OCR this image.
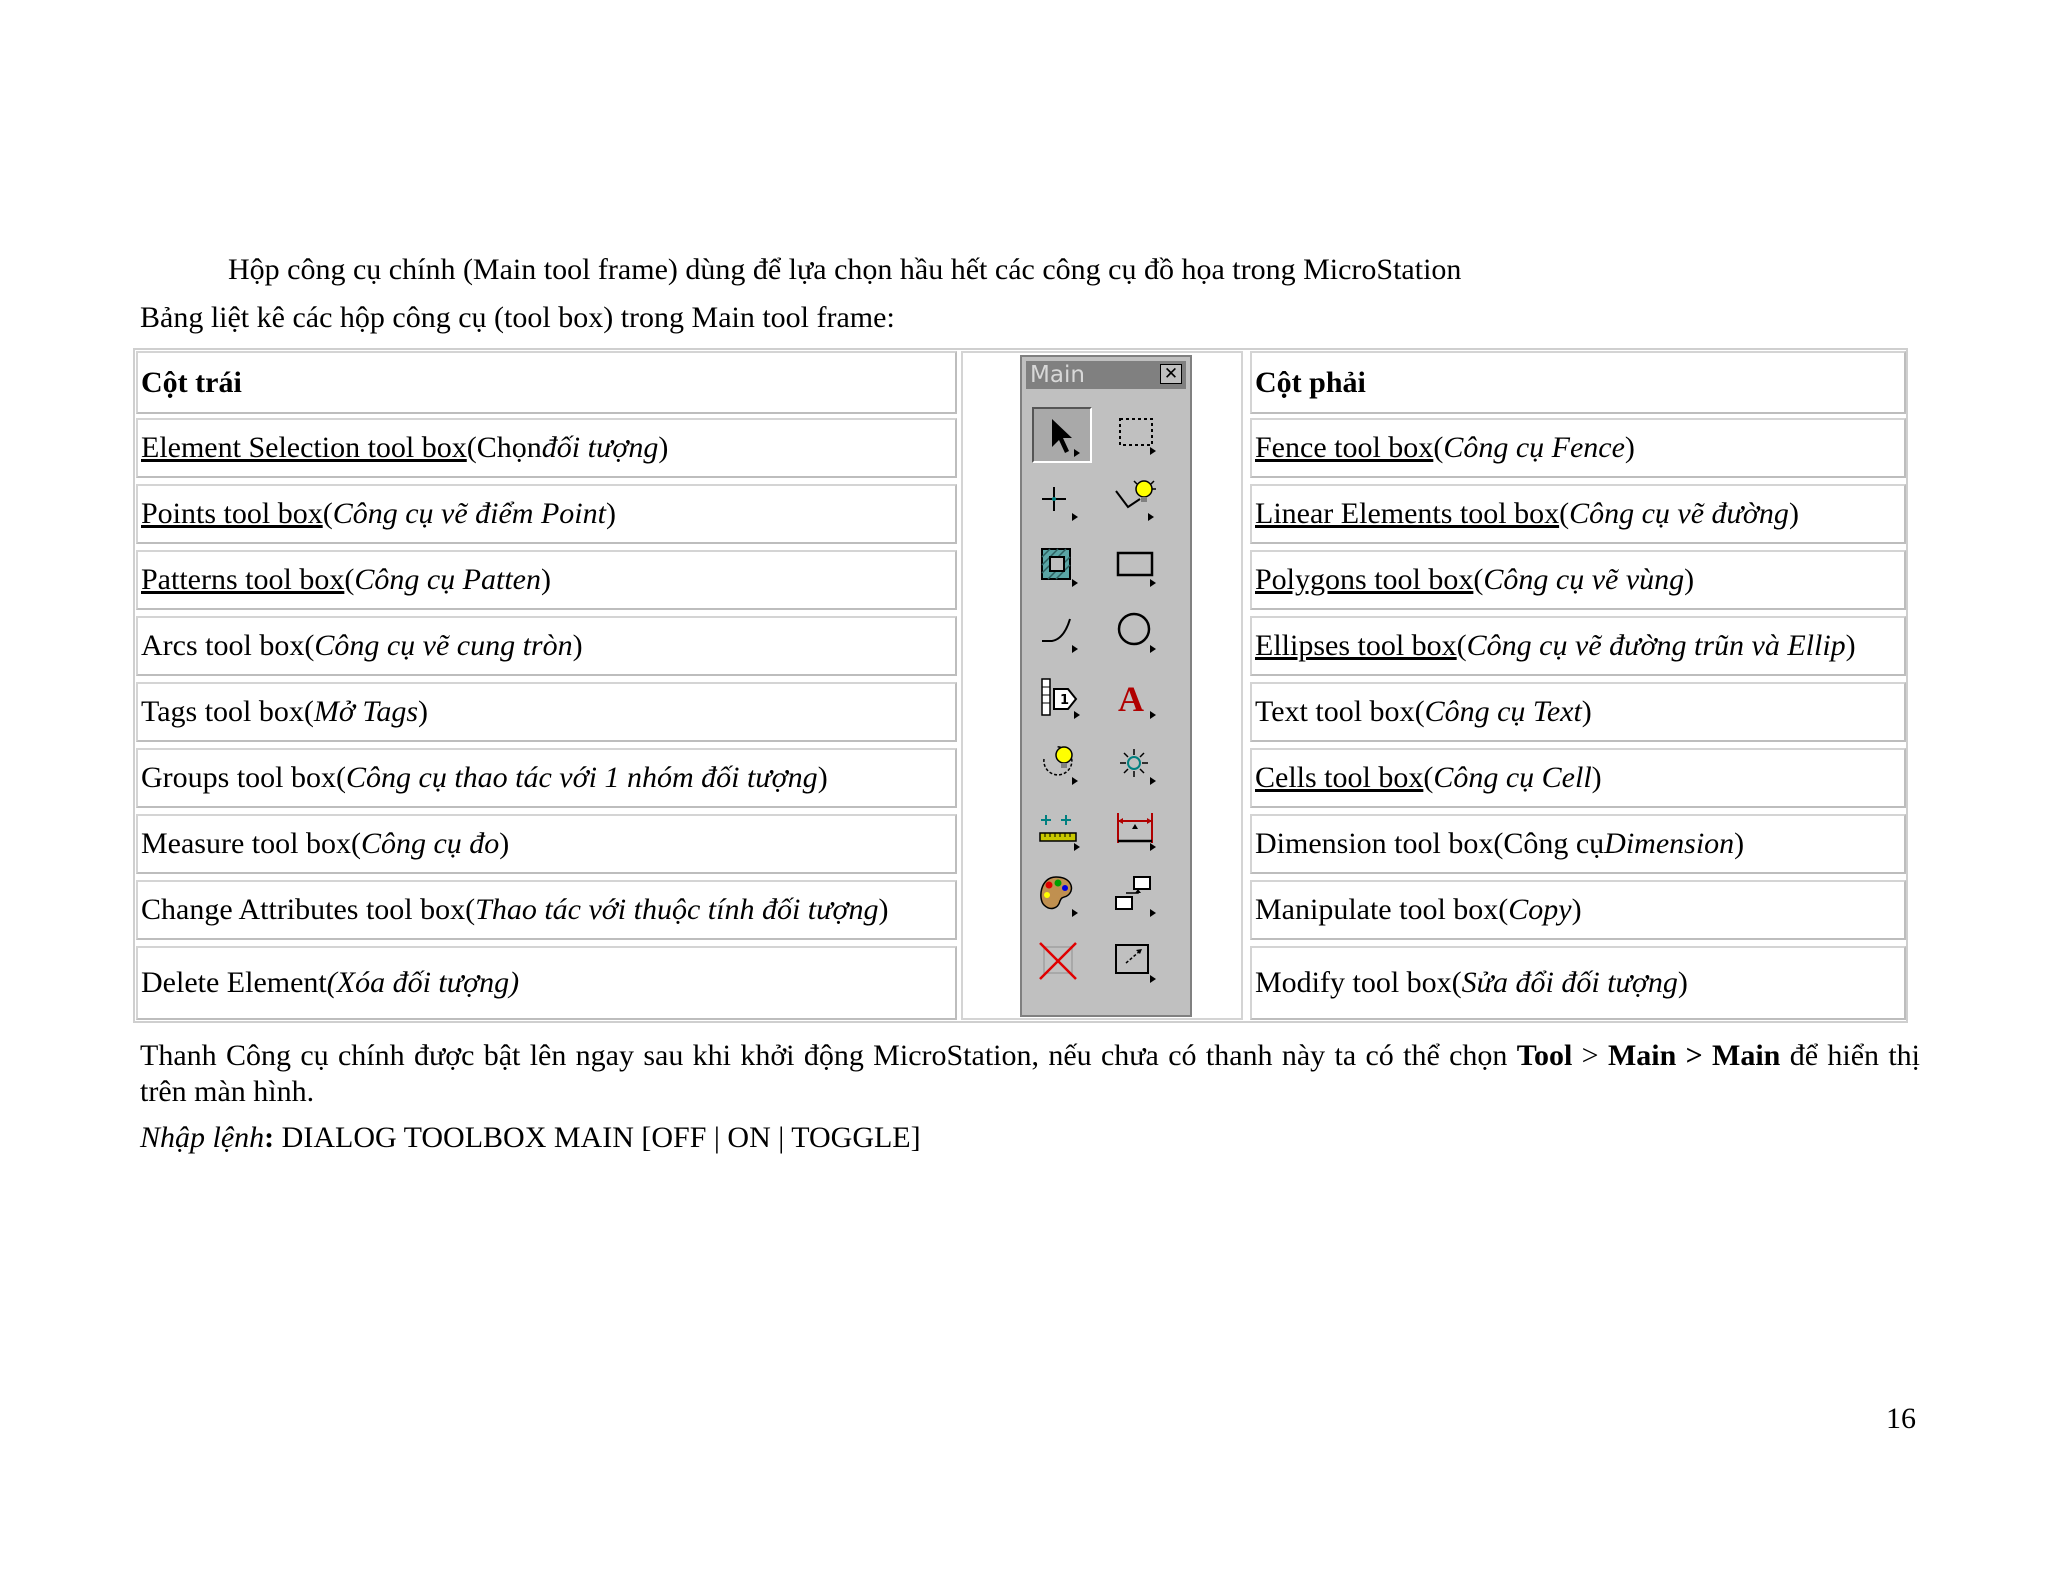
Hộp công cụ chính (Main tool frame) dùng để lựa chọn hầu hết các công cụ đồ họa trong MicroStation
Bảng liệt kê các hộp công cụ (tool box) trong Main tool frame:
Cột trái
Element Selection tool box ( Chọn đối tượng )
Points tool box ( Công cụ vẽ điểm Point )
Patterns tool box ( Công cụ Patten )
Arcs tool box ( Công cụ vẽ cung tròn )
Tags tool box ( Mở Tags )
Groups tool box ( Công cụ thao tác với 1 nhóm đối tượng )
Measure tool box ( Công cụ đo )
Change Attributes tool box ( Thao tác với thuộc tính đối tượng )
Delete Element (Xóa đối tượng)
Main	✕
1 A
Cột phải
Fence tool box ( Công cụ Fence )
Linear Elements tool box ( Công cụ vẽ đường )
Polygons tool box ( Công cụ vẽ vùng )
Ellipses tool box ( Công cụ vẽ đường trũn và Ellip )
Text tool box ( Công cụ Text )
Cells tool box ( Công cụ Cell )
Dimension tool box ( Công cụ Dimension )
Manipulate tool box ( Copy )
Modify tool box ( Sửa đổi đối tượng )
Thanh Công cụ chính được bật lên ngay sau khi khởi động MicroStation, nếu chưa có thanh này ta có thể chọn Tool > Main > Main để hiển thị trên màn hình.
Nhập lệnh: DIALOG TOOLBOX MAIN [OFF | ON | TOGGLE]
16
